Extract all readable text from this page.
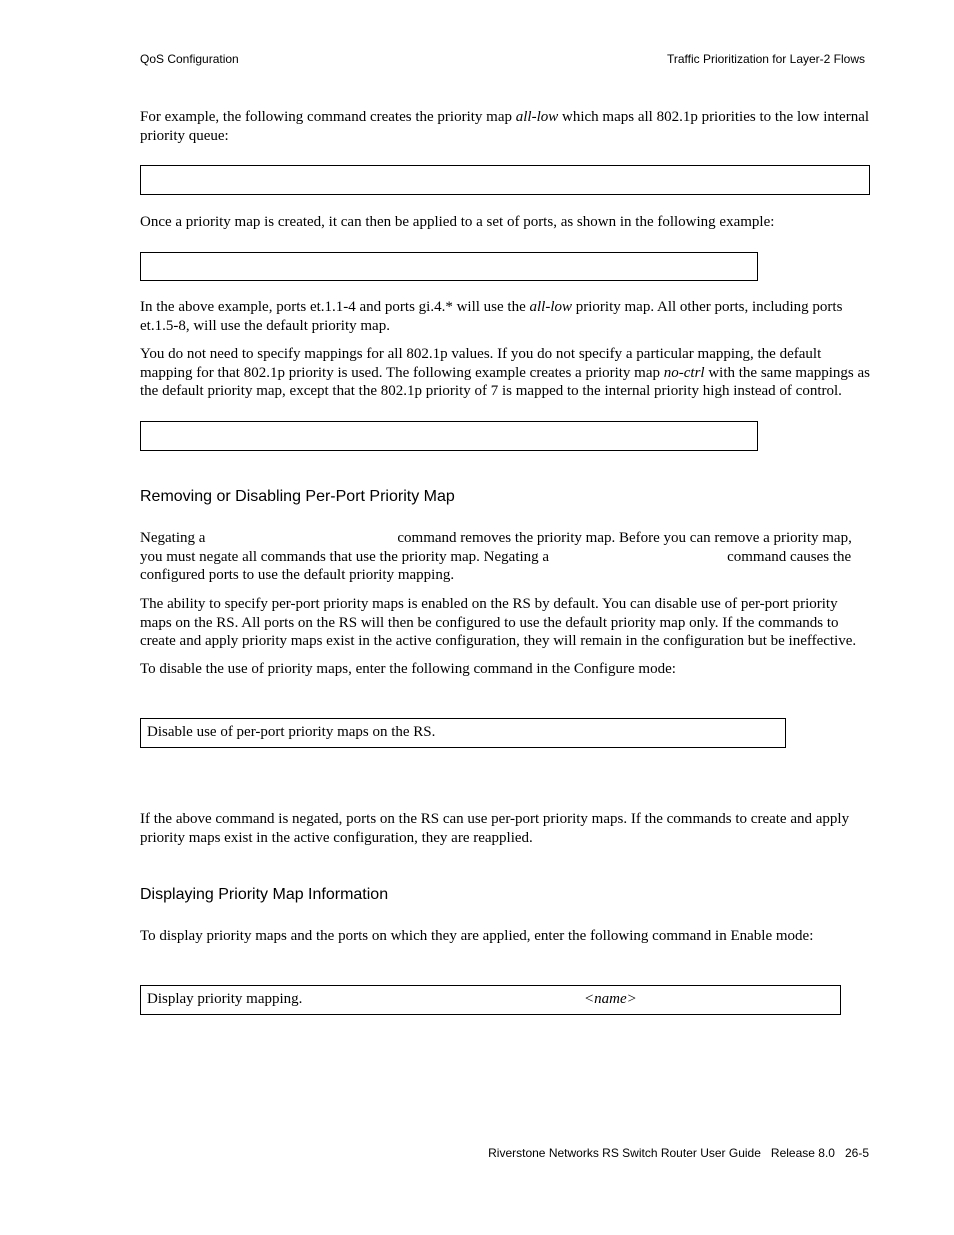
QoS Configuration	Traffic Prioritization for Layer-2 Flows

For example, the following command creates the priority map all-low which maps all 802.1p priorities to the low internal priority queue:

Once a priority map is created, it can then be applied to a set of ports, as shown in the following example:

In the above example, ports et.1.1-4 and ports gi.4.* will use the all-low priority map. All other ports, including ports et.1.5-8, will use the default priority map.

You do not need to specify mappings for all 802.1p values. If you do not specify a particular mapping, the default mapping for that 802.1p priority is used. The following example creates a priority map no-ctrl with the same mappings as the default priority map, except that the 802.1p priority of 7 is mapped to the internal priority high instead of control.

Removing or Disabling Per-Port Priority Map

Negating a	command removes the priority map. Before you can remove a priority map, you must negate all commands that use the priority map. Negating a	command causes the configured ports to use the default priority mapping.

The ability to specify per-port priority maps is enabled on the RS by default. You can disable use of per-port priority maps on the RS. All ports on the RS will then be configured to use the default priority map only. If the commands to create and apply priority maps exist in the active configuration, they will remain in the configuration but be ineffective.

To disable the use of priority maps, enter the following command in the Configure mode:

Disable use of per-port priority maps on the RS.

If the above command is negated, ports on the RS can use per-port priority maps. If the commands to create and apply priority maps exist in the active configuration, they are reapplied.

Displaying Priority Map Information

To display priority maps and the ports on which they are applied, enter the following command in Enable mode:

Display priority mapping.	<name>
Riverstone Networks RS Switch Router User Guide Release 8.0 26-5
